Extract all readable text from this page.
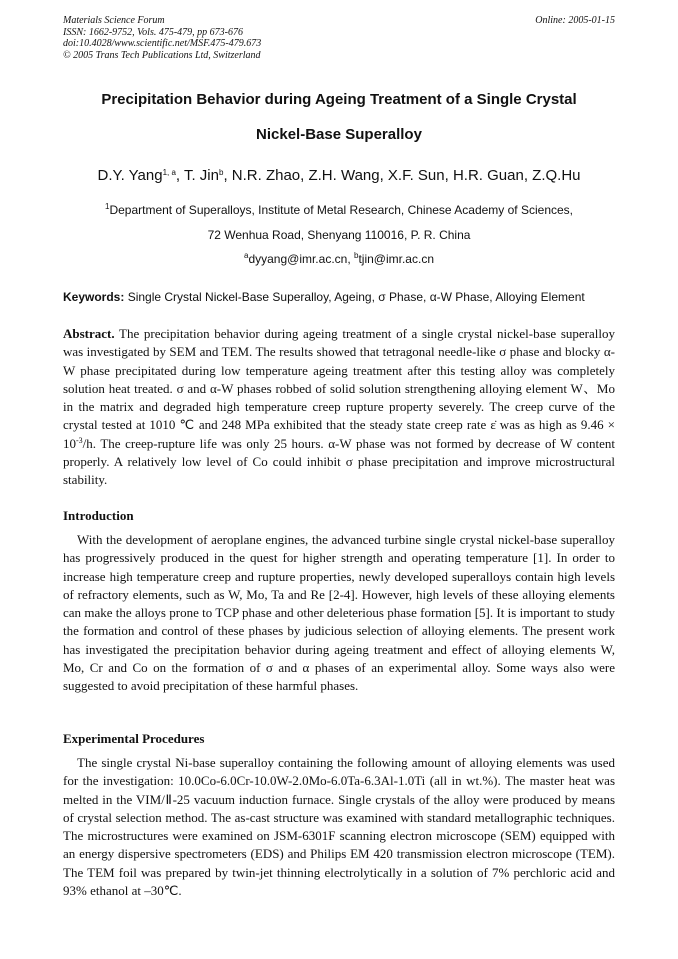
Materials Science Forum
ISSN: 1662-9752, Vols. 475-479, pp 673-676
doi:10.4028/www.scientific.net/MSF.475-479.673
© 2005 Trans Tech Publications Ltd, Switzerland
Online: 2005-01-15
Precipitation Behavior during Ageing Treatment of a Single Crystal
Nickel-Base Superalloy
D.Y. Yang$^{1, a}$, T. Jin$^b$, N.R. Zhao, Z.H. Wang, X.F. Sun, H.R. Guan, Z.Q.Hu
$^1$Department of Superalloys, Institute of Metal Research, Chinese Academy of Sciences,
72 Wenhua Road, Shenyang 110016, P. R. China
$^a$dyyang@imr.ac.cn, $^b$tjin@imr.ac.cn
Keywords: Single Crystal Nickel-Base Superalloy, Ageing, σ Phase, α-W Phase, Alloying Element

Abstract. The precipitation behavior during ageing treatment of a single crystal nickel-base superalloy was investigated by SEM and TEM. The results showed that tetragonal needle-like σ phase and blocky α-W phase precipitated during low temperature ageing treatment after this testing alloy was completely solution heat treated. σ and α-W phases robbed of solid solution strengthening alloying element W、Mo in the matrix and degraded high temperature creep rupture property severely. The creep curve of the crystal tested at 1010 ℃ and 248 MPa exhibited that the steady state creep rate ε̇ was as high as $9.46 \times 10^{-3}/h$. The creep-rupture life was only 25 hours. α-W phase was not formed by decrease of W content properly. A relatively low level of Co could inhibit σ phase precipitation and improve microstructural stability.

Introduction

With the development of aeroplane engines, the advanced turbine single crystal nickel-base superalloy has progressively produced in the quest for higher strength and operating temperature [1]. In order to increase high temperature creep and rupture properties, newly developed superalloys contain high levels of refractory elements, such as W, Mo, Ta and Re [2-4]. However, high levels of these alloying elements can make the alloys prone to TCP phase and other deleterious phase formation [5]. It is important to study the formation and control of these phases by judicious selection of alloying elements. The present work has investigated the precipitation behavior during ageing treatment and effect of alloying elements W, Mo, Cr and Co on the formation of σ and α phases of an experimental alloy. Some ways also were suggested to avoid precipitation of these harmful phases.

Experimental Procedures

The single crystal Ni-base superalloy containing the following amount of alloying elements was used for the investigation: 10.0Co-6.0Cr-10.0W-2.0Mo-6.0Ta-6.3Al-1.0Ti (all in wt.%). The master heat was melted in the VIM/Ⅱ-25 vacuum induction furnace. Single crystals of the alloy were produced by means of crystal selection method. The as-cast structure was examined with standard metallographic techniques. The microstructures were examined on JSM-6301F scanning electron microscope (SEM) equipped with an energy dispersive spectrometers (EDS) and Philips EM 420 transmission electron microscope (TEM). The TEM foil was prepared by twin-jet thinning electrolytically in a solution of 7% perchloric acid and 93% ethanol at –30℃.
